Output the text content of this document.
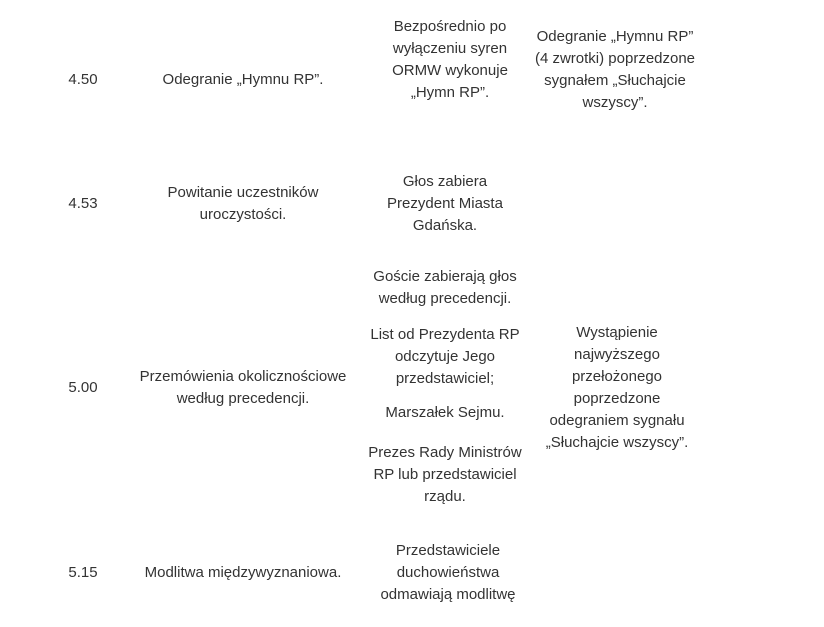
4.50	Odegranie „Hymnu RP”.

Bezpośrednio po wyłączeniu syren ORMW wykonuje „Hymn RP”.

Odegranie „Hymnu RP” (4 zwrotki) poprzedzone sygnałem „Słuchajcie wszyscy”.
4.53
Powitanie uczestników uroczystości.

Głos zabiera Prezydent Miasta Gdańska.

5.00
Przemówienia okolicznościowe według precedencji.

Goście zabierają głos według precedencji.

List od Prezydenta RP odczytuje Jego przedstawiciel;

Marszałek Sejmu.

Prezes Rady Ministrów RP lub przedstawiciel rządu.

Wystąpienie najwyższego przełożonego poprzedzone odegraniem sygnału „Słuchajcie wszyscy”.
5.15	Modlitwa międzywyznaniowa.

Przedstawiciele duchowieństwa odmawiają modlitwę
